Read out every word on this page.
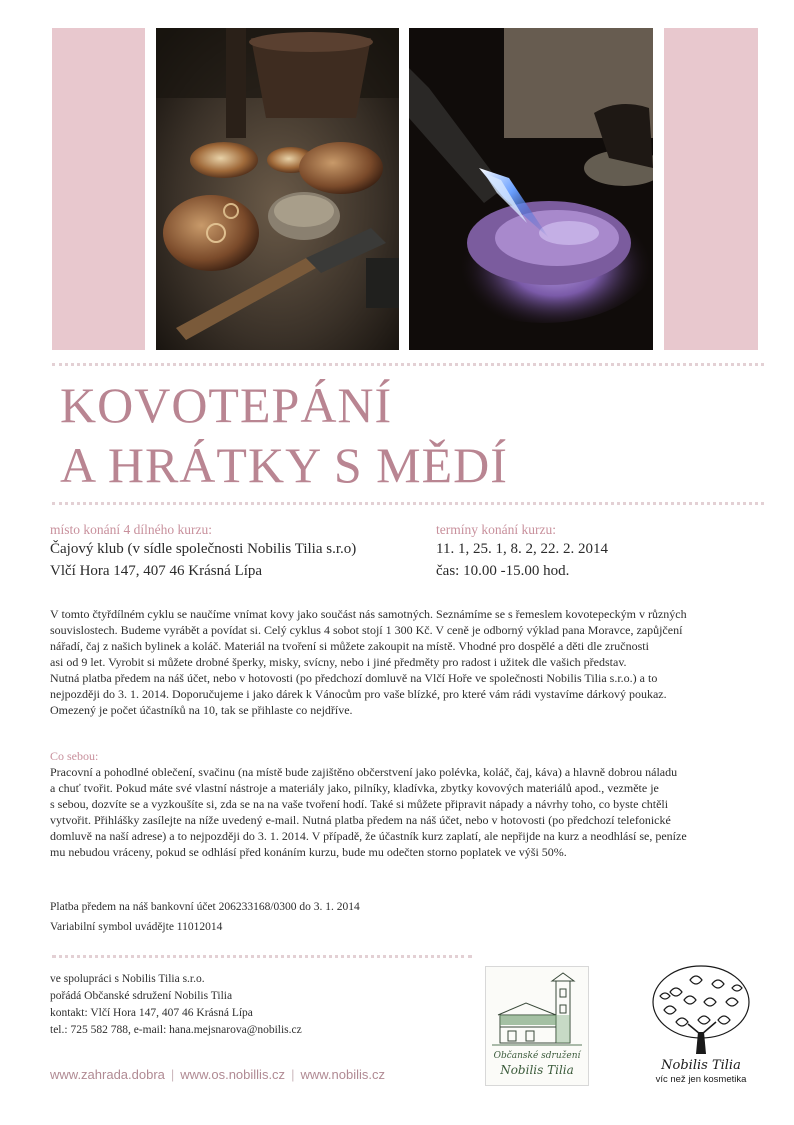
KOVOTEPÁNÍ
A HRÁTKY S MĚDÍ
místo konání 4 dílného kurzu:
Čajový klub (v sídle společnosti Nobilis Tilia s.r.o)
Vlčí Hora 147, 407 46 Krásná Lípa
termíny konání kurzu:
11. 1, 25. 1, 8. 2, 22. 2. 2014
čas: 10.00 -15.00 hod.

V tomto čtyřdílném cyklu se naučíme vnímat kovy jako součást nás samotných. Seznámíme se s řemeslem kovotepeckým v různých

souvislostech. Budeme vyrábět a povídat si. Celý cyklus 4 sobot stojí 1 300 Kč. V ceně je odborný výklad pana Moravce, zapůjčení

nářadí, čaj z našich bylinek a koláč. Materiál na tvoření si můžete zakoupit na místě. Vhodné pro dospělé a děti dle zručnosti

asi od 9 let. Vyrobit si můžete drobné šperky, misky, svícny, nebo i jiné předměty pro radost i užitek dle vašich představ.

Nutná platba předem na náš účet, nebo v hotovosti (po předchozí domluvě na Vlčí Hoře ve společnosti Nobilis Tilia s.r.o.) a to

nejpozději do 3. 1. 2014. Doporučujeme i jako dárek k Vánocům pro vaše blízké, pro které vám rádi vystavíme dárkový poukaz.

Omezený je počet účastníků na 10, tak se přihlaste co nejdříve.

Co sebou:

Pracovní a pohodlné oblečení, svačinu (na místě bude zajištěno občerstvení jako polévka, koláč, čaj, káva) a hlavně dobrou náladu

a chuť tvořit. Pokud máte své vlastní nástroje a materiály jako, pilníky, kladívka, zbytky kovových materiálů apod., vezměte je

s sebou, dozvíte se a vyzkoušíte si, zda se na na vaše tvoření hodí. Také si můžete připravit nápady a návrhy toho, co byste chtěli

vytvořit. Přihlášky zasílejte na níže uvedený e-mail. Nutná platba předem na náš účet, nebo v hotovosti (po předchozí telefonické

domluvě na naší adrese) a to nejpozději do 3. 1. 2014. V případě, že účastník kurz zaplatí, ale nepřijde na kurz a neodhlásí se, peníze

mu nebudou vráceny, pokud se odhlásí před konáním kurzu, bude mu odečten storno poplatek ve výši 50%.

Platba předem na náš bankovní účet 206233168/0300 do 3. 1. 2014

Variabilní symbol uvádějte 11012014

ve spolupráci s Nobilis Tilia s.r.o.

pořádá Občanské sdružení Nobilis Tilia

kontakt: Vlčí Hora 147, 407 46 Krásná Lípa

tel.: 725 582 788, e-mail: hana.mejsnarova@nobilis.cz

www.zahrada.dobra | www.os.nobillis.cz | www.nobilis.cz
Občanské sdružení
Nobilis Tilia	Nobilis Tilia
víc než jen kosmetika
